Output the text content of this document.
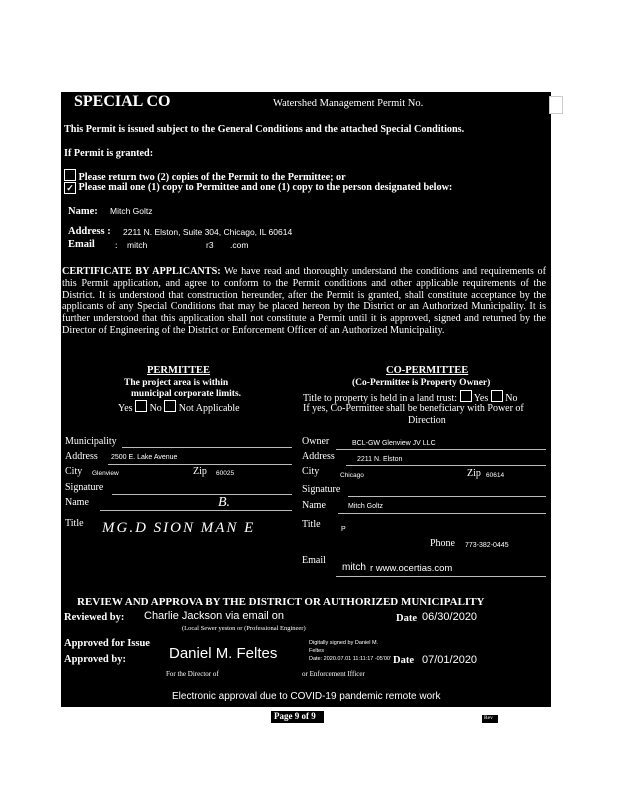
SPECIAL CO	Watershed Management Permit No.
This Permit is issued subject to the General Conditions and the attached Special Conditions.
If Permit is granted:
Please return two (2) copies of the Permit to the Permittee; or
✓ Please mail one (1) copy to Permittee and one (1) copy to the person designated below:
Name: Mitch Goltz
Address : 2211 N. Elston, Suite 304, Chicago, IL 60614
Email : mitch	r3 .com
CERTIFICATE BY APPLICANTS: We have read and thoroughly understand the conditions and requirements of this Permit application, and agree to conform to the Permit conditions and other applicable requirements of the District. It is understood that construction hereunder, after the Permit is granted, shall constitute acceptance by the applicants of any Special Conditions that may be placed hereon by the District or an Authorized Municipality. It is further understood that this application shall not constitute a Permit until it is approved, signed and returned by the Director of Engineering of the District or Enforcement Officer of an Authorized Municipality.
PERMITTEE
The project area is within
municipal corporate limits.
Yes No Not Applicable
Municipality
Address 2500 E. Lake Avenue
City Glenview	Zip 60025
Signature
Name	B.
Title MG.D SION MAN E
CO-PERMITTEE
(Co-Permittee is Property Owner)
Title to property is held in a land trust: Yes No
If yes, Co-Permittee shall be beneficiary with Power of
Direction
Owner	BCL-GW Glenview JV LLC
Address	2211 N. Elston
City	Chicago	Zip 60614
Signature
Name	Mitch Goltz
Title	P
Phone 773-382-0445
Email
mitch r www.ocertias.com
REVIEW AND APPROVA BY THE DISTRICT OR AUTHORIZED MUNICIPALITY
Reviewed by: Charlie Jackson via email on
(Local Sewer yeston or (Professional Engineer)
Date 06/30/2020
Approved for Issue
Approved by:	Daniel M. Feltes
Digitally signed by Daniel M.
Feltes
Date: 2020.07.01 11:11:17 -05'00' Date 07/01/2020
For the Director of	or Enforcement Ifficer
Electronic approval due to COVID-19 pandemic remote work
Page 9 of 9	Rev
